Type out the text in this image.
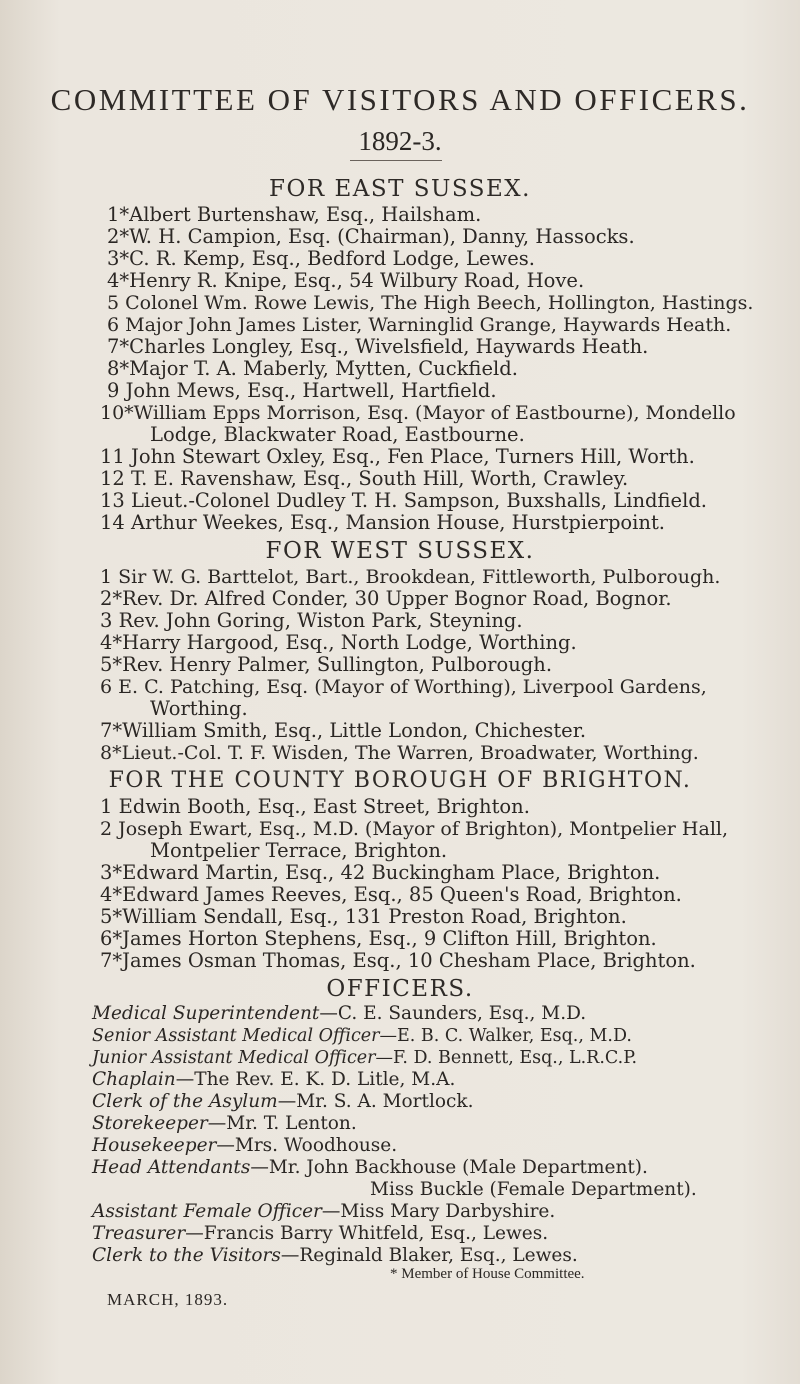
COMMITTEE OF VISITORS AND OFFICERS.
1892-3.
FOR EAST SUSSEX.
1*Albert Burtenshaw, Esq., Hailsham.
2*W. H. Campion, Esq. (Chairman), Danny, Hassocks.
3*C. R. Kemp, Esq., Bedford Lodge, Lewes.
4*Henry R. Knipe, Esq., 54 Wilbury Road, Hove.
5 Colonel Wm. Rowe Lewis, The High Beech, Hollington, Hastings.
6 Major John James Lister, Warninglid Grange, Haywards Heath.
7*Charles Longley, Esq., Wivelsfield, Haywards Heath.
8*Major T. A. Maberly, Mytten, Cuckfield.
9 John Mews, Esq., Hartwell, Hartfield.
10*William Epps Morrison, Esq. (Mayor of Eastbourne), Mondello
Lodge, Blackwater Road, Eastbourne.
11 John Stewart Oxley, Esq., Fen Place, Turners Hill, Worth.
12 T. E. Ravenshaw, Esq., South Hill, Worth, Crawley.
13 Lieut.-Colonel Dudley T. H. Sampson, Buxshalls, Lindfield.
14 Arthur Weekes, Esq., Mansion House, Hurstpierpoint.
FOR WEST SUSSEX.
1 Sir W. G. Barttelot, Bart., Brookdean, Fittleworth, Pulborough.
2*Rev. Dr. Alfred Conder, 30 Upper Bognor Road, Bognor.
3 Rev. John Goring, Wiston Park, Steyning.
4*Harry Hargood, Esq., North Lodge, Worthing.
5*Rev. Henry Palmer, Sullington, Pulborough.
6 E. C. Patching, Esq. (Mayor of Worthing), Liverpool Gardens,
Worthing.
7*William Smith, Esq., Little London, Chichester.
8*Lieut.-Col. T. F. Wisden, The Warren, Broadwater, Worthing.
FOR THE COUNTY BOROUGH OF BRIGHTON.
1 Edwin Booth, Esq., East Street, Brighton.
2 Joseph Ewart, Esq., M.D. (Mayor of Brighton), Montpelier Hall,
Montpelier Terrace, Brighton.
3*Edward Martin, Esq., 42 Buckingham Place, Brighton.
4*Edward James Reeves, Esq., 85 Queen's Road, Brighton.
5*William Sendall, Esq., 131 Preston Road, Brighton.
6*James Horton Stephens, Esq., 9 Clifton Hill, Brighton.
7*James Osman Thomas, Esq., 10 Chesham Place, Brighton.
OFFICERS.
Medical Superintendent—C. E. Saunders, Esq., M.D.
Senior Assistant Medical Officer—E. B. C. Walker, Esq., M.D.
Junior Assistant Medical Officer—F. D. Bennett, Esq., L.R.C.P.
Chaplain—The Rev. E. K. D. Litle, M.A.
Clerk of the Asylum—Mr. S. A. Mortlock.
Storekeeper—Mr. T. Lenton.
Housekeeper—Mrs. Woodhouse.
Head Attendants—Mr. John Backhouse (Male Department).
Miss Buckle (Female Department).
Assistant Female Officer—Miss Mary Darbyshire.
Treasurer—Francis Barry Whitfeld, Esq., Lewes.
Clerk to the Visitors—Reginald Blaker, Esq., Lewes.
* Member of House Committee.
MARCH, 1893.
